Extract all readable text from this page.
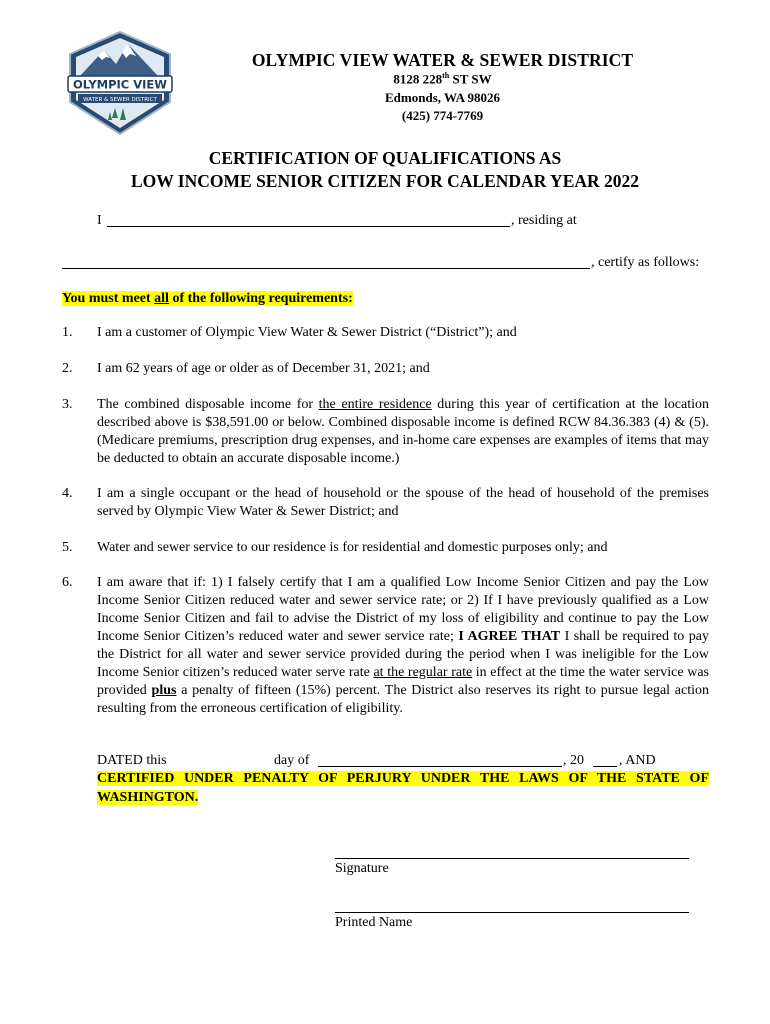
OLYMPIC VIEW
WATER & SEWER DISTRICT
OLYMPIC VIEW WATER & SEWER DISTRICT
8128 228th ST SW
Edmonds, WA 98026
(425) 774-7769
CERTIFICATION OF QUALIFICATIONS AS
LOW INCOME SENIOR CITIZEN FOR CALENDAR YEAR 2022
I	, residing at
, certify as follows:
You must meet all of the following requirements:
1. I am a customer of Olympic View Water & Sewer District (“District”); and
2. I am 62 years of age or older as of December 31, 2021; and
3. The combined disposable income for the entire residence during this year of certification at the location described above is $38,591.00 or below. Combined disposable income is defined RCW 84.36.383 (4) & (5). (Medicare premiums, prescription drug expenses, and in-home care expenses are examples of items that may be deducted to obtain an accurate disposable income.)
4. I am a single occupant or the head of household or the spouse of the head of household of the premises served by Olympic View Water & Sewer District; and
5. Water and sewer service to our residence is for residential and domestic purposes only; and
6. I am aware that if: 1) I falsely certify that I am a qualified Low Income Senior Citizen and pay the Low Income Senior Citizen reduced water and sewer service rate; or 2) If I have previously qualified as a Low Income Senior Citizen and fail to advise the District of my loss of eligibility and continue to pay the Low Income Senior Citizen’s reduced water and sewer service rate; I AGREE THAT I shall be required to pay the District for all water and sewer service provided during the period when I was ineligible for the Low Income Senior citizen’s reduced water serve rate at the regular rate in effect at the time the water service was provided plus a penalty of fifteen (15%) percent. The District also reserves its right to pursue legal action resulting from the erroneous certification of eligibility.
DATED this	day of	, 20	, AND
CERTIFIED UNDER PENALTY OF PERJURY UNDER THE LAWS OF THE STATE OF
WASHINGTON.
Signature
Printed Name
